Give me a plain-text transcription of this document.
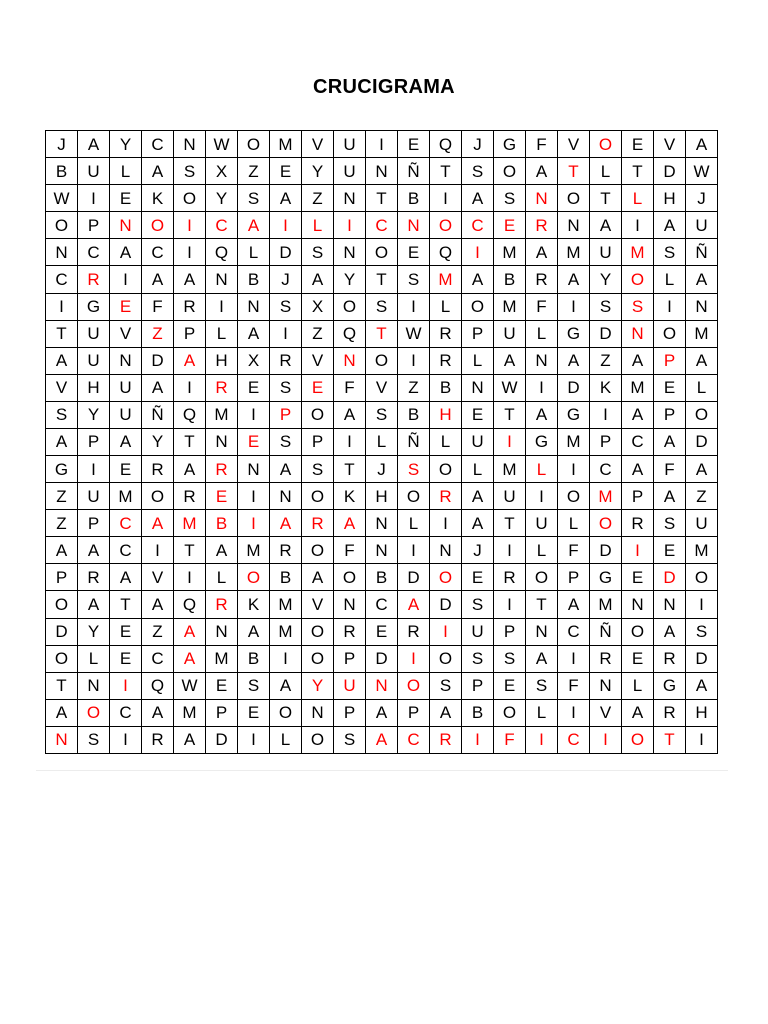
CRUCIGRAMA
J	A	Y	C	N	W	O	M	V	U	I	E	Q	J	G	F	V	O	E	V	A
B	U	L	A	S	X	Z	E	Y	U	N	Ñ	T	S	O	A	T	L	T	D	W
W	I	E	K	O	Y	S	A	Z	N	T	B	I	A	S	N	O	T	L	H	J
O	P	N	O	I	C	A	I	L	I	C	N	O	C	E	R	N	A	I	A	U
N	C	A	C	I	Q	L	D	S	N	O	E	Q	I	M	A	M	U	M	S	Ñ
C	R	I	A	A	N	B	J	A	Y	T	S	M	A	B	R	A	Y	O	L	A
I	G	E	F	R	I	N	S	X	O	S	I	L	O	M	F	I	S	S	I	N
T	U	V	Z	P	L	A	I	Z	Q	T	W	R	P	U	L	G	D	N	O	M
A	U	N	D	A	H	X	R	V	N	O	I	R	L	A	N	A	Z	A	P	A
V	H	U	A	I	R	E	S	E	F	V	Z	B	N	W	I	D	K	M	E	L
S	Y	U	Ñ	Q	M	I	P	O	A	S	B	H	E	T	A	G	I	A	P	O
A	P	A	Y	T	N	E	S	P	I	L	Ñ	L	U	I	G	M	P	C	A	D
G	I	E	R	A	R	N	A	S	T	J	S	O	L	M	L	I	C	A	F	A
Z	U	M	O	R	E	I	N	O	K	H	O	R	A	U	I	O	M	P	A	Z
Z	P	C	A	M	B	I	A	R	A	N	L	I	A	T	U	L	O	R	S	U
A	A	C	I	T	A	M	R	O	F	N	I	N	J	I	L	F	D	I	E	M
P	R	A	V	I	L	O	B	A	O	B	D	O	E	R	O	P	G	E	D	O
O	A	T	A	Q	R	K	M	V	N	C	A	D	S	I	T	A	M	N	N	I
D	Y	E	Z	A	N	A	M	O	R	E	R	I	U	P	N	C	Ñ	O	A	S
O	L	E	C	A	M	B	I	O	P	D	I	O	S	S	A	I	R	E	R	D
T	N	I	Q	W	E	S	A	Y	U	N	O	S	P	E	S	F	N	L	G	A
A	O	C	A	M	P	E	O	N	P	A	P	A	B	O	L	I	V	A	R	H
N	S	I	R	A	D	I	L	O	S	A	C	R	I	F	I	C	I	O	T	I
